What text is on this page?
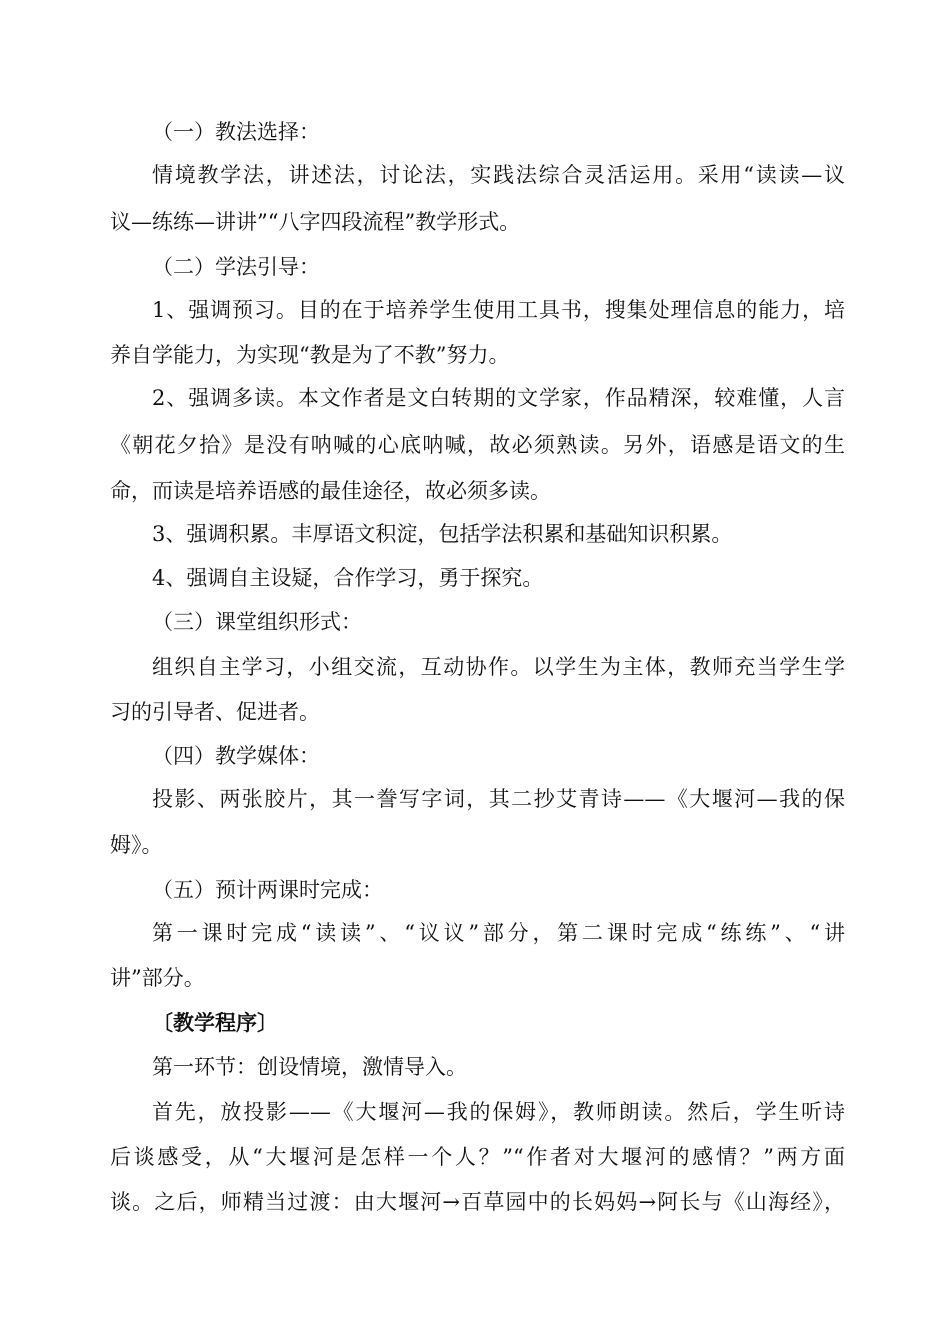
（一）教法选择：
情境教学法，讲述法，讨论法，实践法综合灵活运用。采用“读读—议
议—练练—讲讲”“八字四段流程”教学形式。
（二）学法引导：
1、强调预习。目的在于培养学生使用工具书，搜集处理信息的能力，培
养自学能力，为实现“教是为了不教”努力。
2、强调多读。本文作者是文白转期的文学家，作品精深，较难懂，人言
《朝花夕拾》是没有呐喊的心底呐喊，故必须熟读。另外，语感是语文的生
命，而读是培养语感的最佳途径，故必须多读。
3、强调积累。丰厚语文积淀，包括学法积累和基础知识积累。
4、强调自主设疑，合作学习，勇于探究。
（三）课堂组织形式：
组织自主学习，小组交流，互动协作。以学生为主体，教师充当学生学
习的引导者、促进者。
（四）教学媒体：
投影、两张胶片，其一誊写字词，其二抄艾青诗——《大堰河—我的保
姆》。
（五）预计两课时完成：
第一课时完成“读读”、“议议”部分，第二课时完成“练练”、“讲
讲”部分。
〔教学程序〕
第一环节：创设情境，激情导入。
首先，放投影——《大堰河—我的保姆》，教师朗读。然后，学生听诗
后谈感受，从“大堰河是怎样一个人？”“作者对大堰河的感情？”两方面
谈。之后，师精当过渡：由大堰河→百草园中的长妈妈→阿长与《山海经》，
